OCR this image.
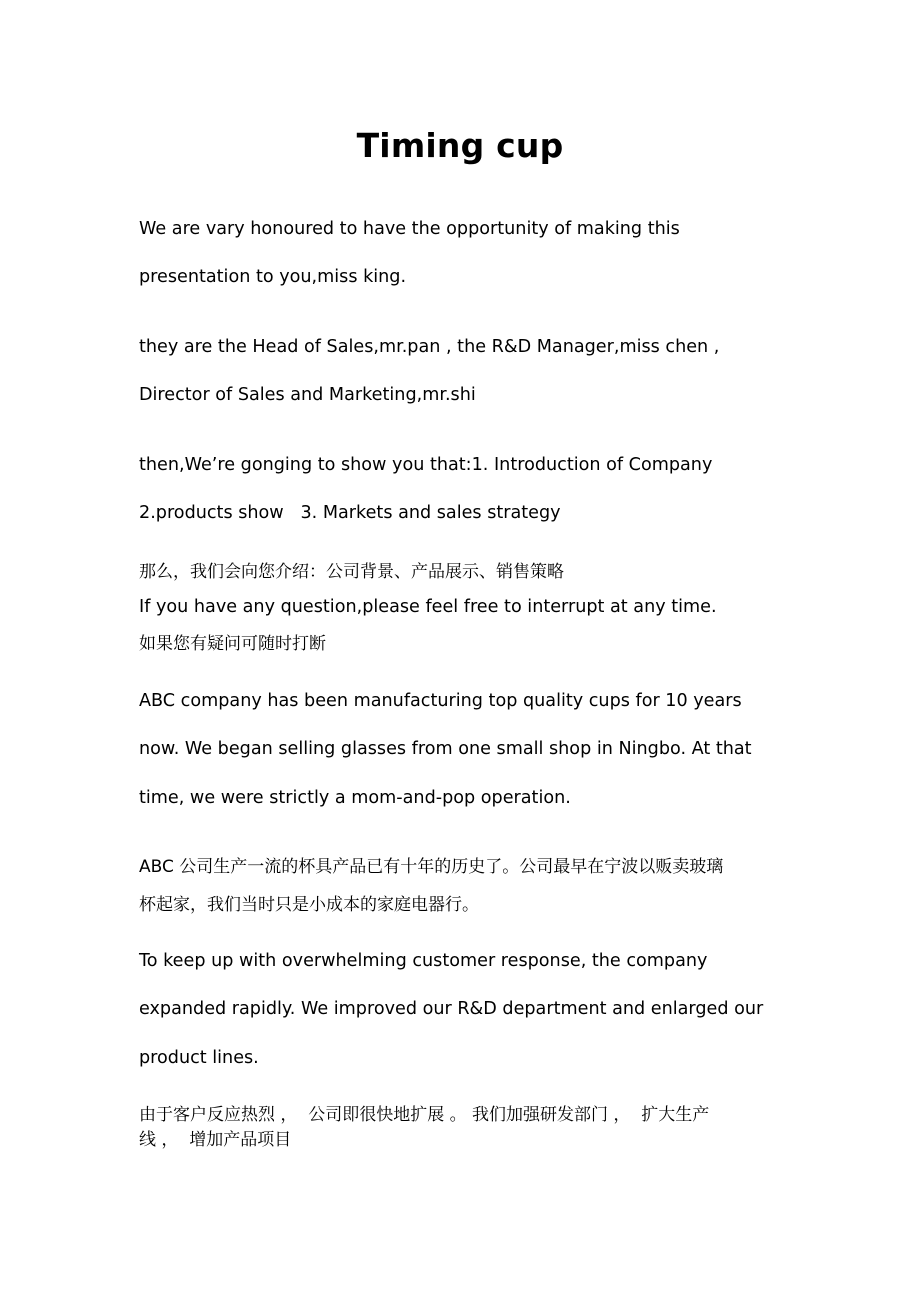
Timing cup
We are vary honoured to have the opportunity of making this
presentation to you,miss king.
they are the Head of Sales,mr.pan , the R&D Manager,miss chen ,
Director of Sales and Marketing,mr.shi
then,We’re gonging to show you that:1. Introduction of Company
2.products show   3. Markets and sales strategy
那么，我们会向您介绍：公司背景、产品展示、销售策略
If you have any question,please feel free to interrupt at any time.
如果您有疑问可随时打断
ABC company has been manufacturing top quality cups for 10 years
now. We began selling glasses from one small shop in Ningbo. At that
time, we were strictly a mom-and-pop operation.
ABC 公司生产一流的杯具产品已有十年的历史了。公司最早在宁波以贩卖玻璃
杯起家，我们当时只是小成本的家庭电器行。
To keep up with overwhelming customer response, the company
expanded rapidly. We improved our R&D department and enlarged our
product lines.
由于客户反应热烈 ，  公司即很快地扩展 。 我们加强研发部门 ，  扩大生产
线 ，  增加产品项目
